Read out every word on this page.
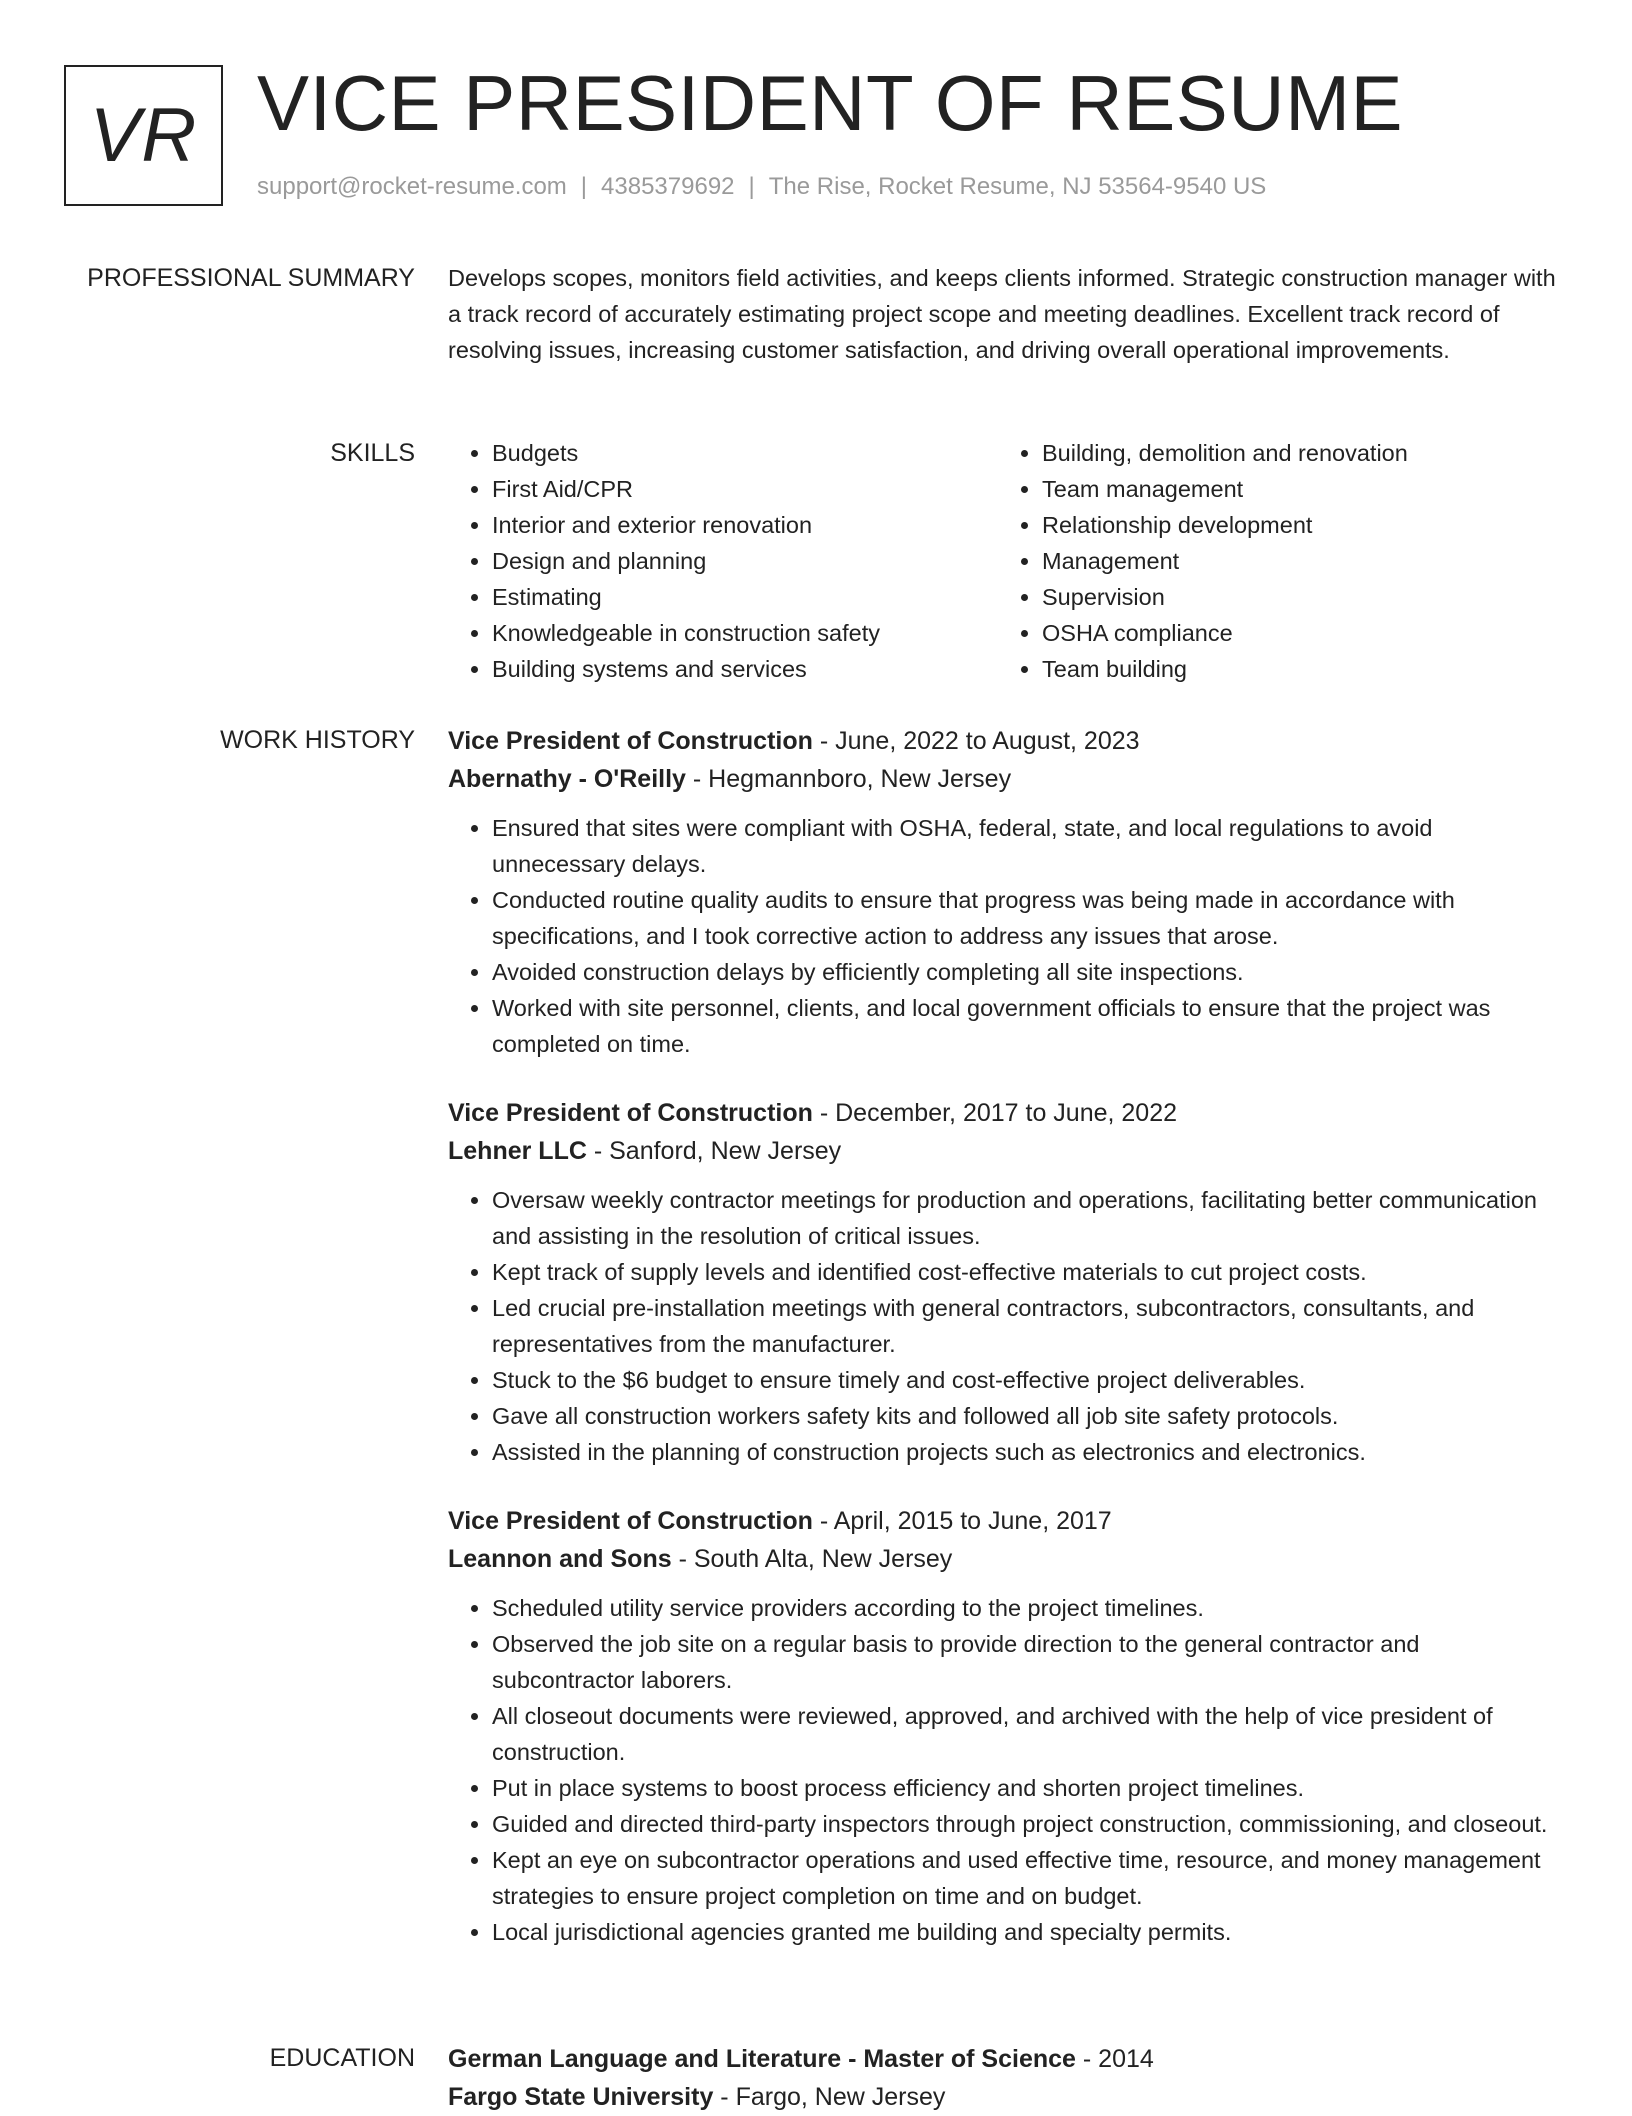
VR VICE PRESIDENT OF RESUME
support@rocket-resume.com | 4385379692 | The Rise, Rocket Resume, NJ 53564-9540 US
PROFESSIONAL SUMMARY Develops scopes, monitors field activities, and keeps clients informed. Strategic construction manager with a track record of accurately estimating project scope and meeting deadlines. Excellent track record of resolving issues, increasing customer satisfaction, and driving overall operational improvements.

SKILLS
•	Budgets
• First Aid/CPR
• Interior and exterior renovation
• Design and planning
• Estimating
• Knowledgeable in construction safety
• Building systems and services
• Building, demolition and renovation
• Team management
• Relationship development
• Management
• Supervision
• OSHA compliance
• Team building
WORK HISTORY Vice President of Construction - June, 2022 to August, 2023
Abernathy - O'Reilly - Hegmannboro, New Jersey
• Ensured that sites were compliant with OSHA, federal, state, and local regulations to avoid unnecessary delays.
• Conducted routine quality audits to ensure that progress was being made in accordance with specifications, and I took corrective action to address any issues that arose.
• Avoided construction delays by efficiently completing all site inspections.
• Worked with site personnel, clients, and local government officials to ensure that the project was completed on time.
Vice President of Construction - December, 2017 to June, 2022
Lehner LLC - Sanford, New Jersey
• Oversaw weekly contractor meetings for production and operations, facilitating better communication and assisting in the resolution of critical issues.
• Kept track of supply levels and identified cost-effective materials to cut project costs.
• Led crucial pre-installation meetings with general contractors, subcontractors, consultants, and representatives from the manufacturer.
• Stuck to the $6 budget to ensure timely and cost-effective project deliverables.
• Gave all construction workers safety kits and followed all job site safety protocols.
• Assisted in the planning of construction projects such as electronics and electronics.
Vice President of Construction - April, 2015 to June, 2017
Leannon and Sons - South Alta, New Jersey
• Scheduled utility service providers according to the project timelines.
• Observed the job site on a regular basis to provide direction to the general contractor and subcontractor laborers.
• All closeout documents were reviewed, approved, and archived with the help of vice president of construction.
• Put in place systems to boost process efficiency and shorten project timelines.
• Guided and directed third-party inspectors through project construction, commissioning, and closeout.
• Kept an eye on subcontractor operations and used effective time, resource, and money management strategies to ensure project completion on time and on budget.
• Local jurisdictional agencies granted me building and specialty permits.
EDUCATION German Language and Literature - Master of Science - 2014
Fargo State University - Fargo, New Jersey
